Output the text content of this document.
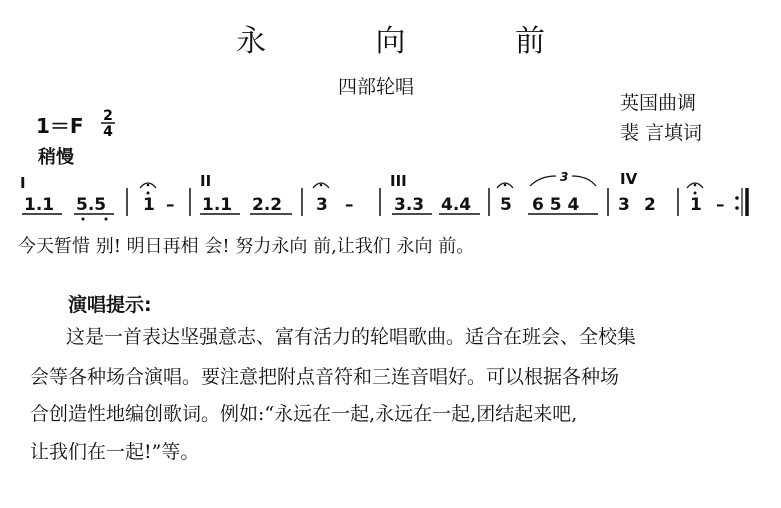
永 向 前
四部轮唱
英国曲调
裴 言填词
1＝F 2
4
稍慢
I	II	III	IV
1.1 5.5 1 – 1.1 2.2 3 – 3.3 4.4 5 6 5 4
3
3 2 1 –
今天暂惜 别! 明日再相 会! 努力永向 前,让我们 永向 前。
演唱提示:
这是一首表达坚强意志、富有活力的轮唱歌曲。适合在班会、全校集
会等各种场合演唱。要注意把附点音符和三连音唱好。可以根据各种场
合创造性地编创歌词。例如:“永远在一起,永远在一起,团结起来吧,
让我们在一起!”等。
